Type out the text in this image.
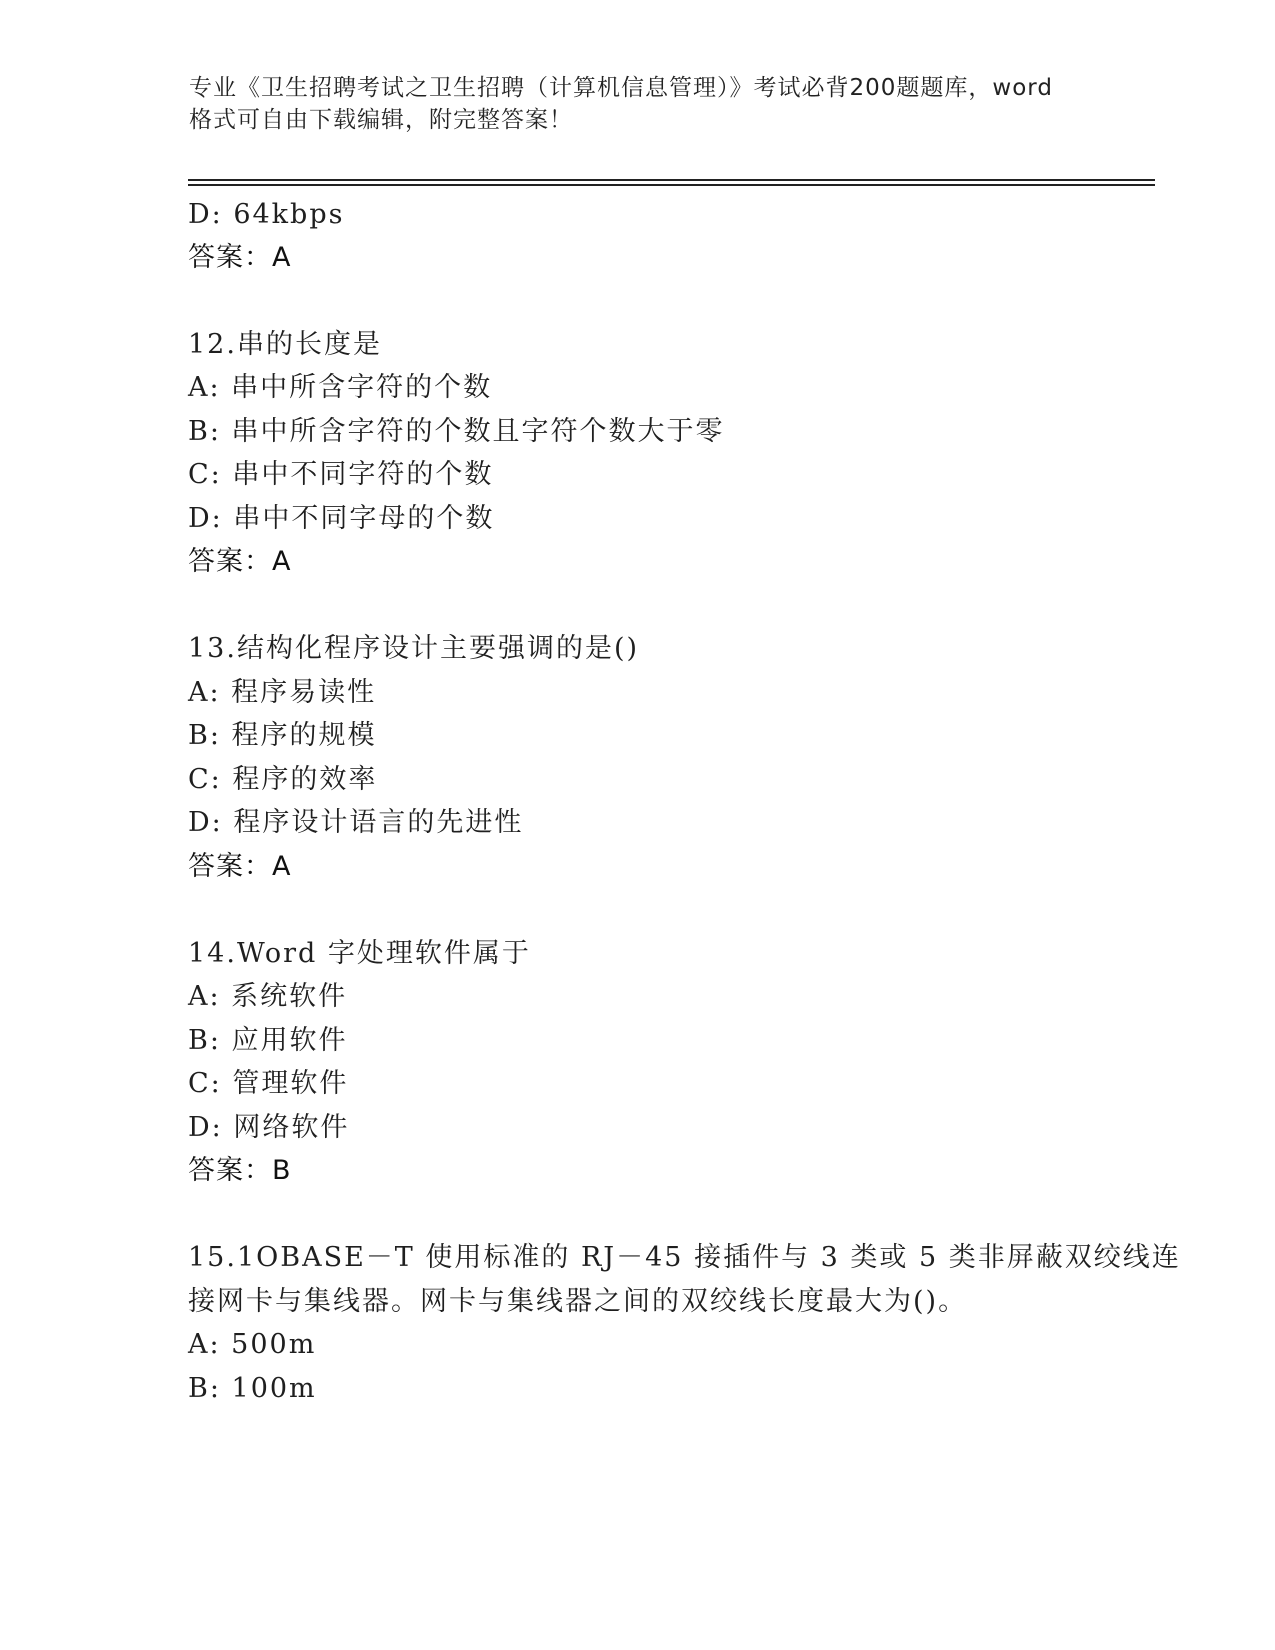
专业《卫生招聘考试之卫生招聘（计算机信息管理）》考试必背200题题库，word
格式可自由下载编辑，附完整答案！
D: 64kbps
答案：A
12.串的长度是
A: 串中所含字符的个数
B: 串中所含字符的个数且字符个数大于零
C: 串中不同字符的个数
D: 串中不同字母的个数
答案：A
13.结构化程序设计主要强调的是()
A: 程序易读性
B: 程序的规模
C: 程序的效率
D: 程序设计语言的先进性
答案：A
14.Word 字处理软件属于
A: 系统软件
B: 应用软件
C: 管理软件
D: 网络软件
答案：B
15.1OBASE－T 使用标准的 RJ－45 接插件与 3 类或 5 类非屏蔽双绞线连
接网卡与集线器。网卡与集线器之间的双绞线长度最大为()。
A: 500m
B: 100m
